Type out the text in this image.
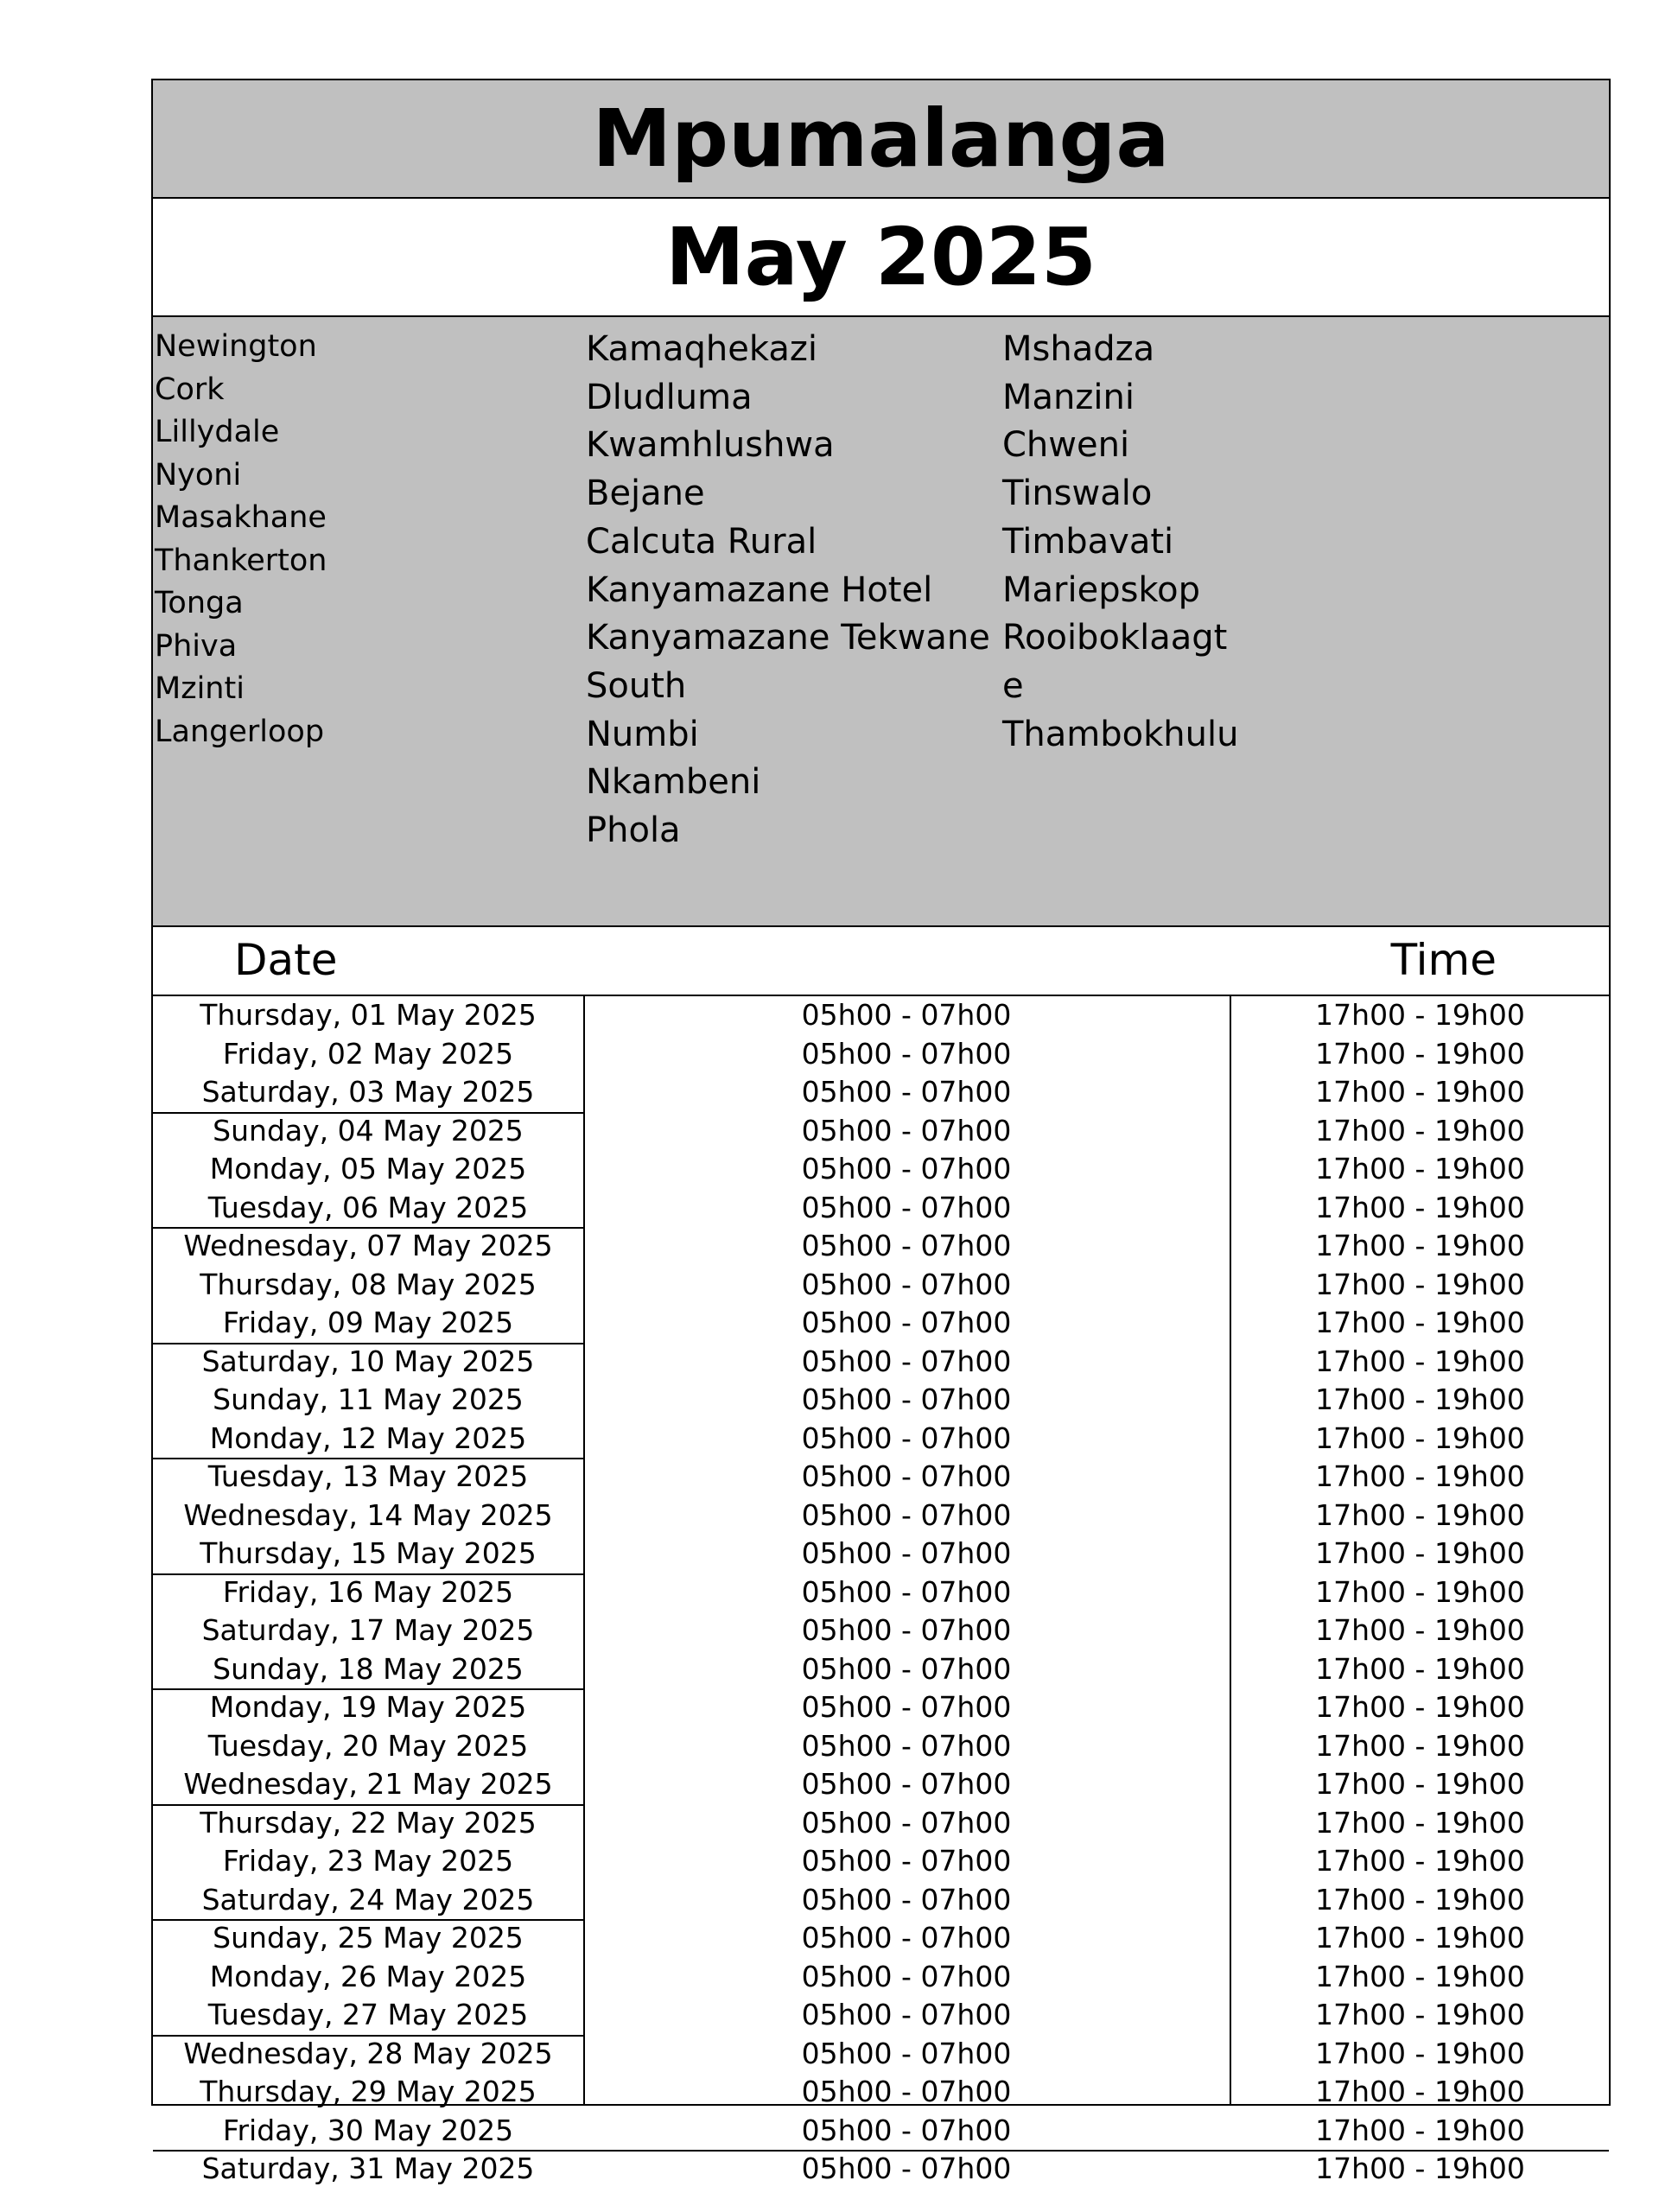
Mpumalanga
May 2025
Newington
Cork
Lillydale
Nyoni
Masakhane
Thankerton
Tonga
Phiva
Mzinti
Langerloop
Kamaqhekazi
Dludluma
Kwamhlushwa
Bejane
Calcuta Rural
Kanyamazane Hotel
Kanyamazane Tekwane
South
Numbi
Nkambeni
Phola
Mshadza
Manzini
Chweni
Tinswalo
Timbavati
Mariepskop
Rooiboklaagt
e
Thambokhulu
Date	Time
Thursday, 01 May 2025	05h00 - 07h00	17h00 - 19h00
Friday, 02 May 2025	05h00 - 07h00	17h00 - 19h00
Saturday, 03 May 2025	05h00 - 07h00	17h00 - 19h00
Sunday, 04 May 2025	05h00 - 07h00	17h00 - 19h00
Monday, 05 May 2025	05h00 - 07h00	17h00 - 19h00
Tuesday, 06 May 2025	05h00 - 07h00	17h00 - 19h00
Wednesday, 07 May 2025	05h00 - 07h00	17h00 - 19h00
Thursday, 08 May 2025	05h00 - 07h00	17h00 - 19h00
Friday, 09 May 2025	05h00 - 07h00	17h00 - 19h00
Saturday, 10 May 2025	05h00 - 07h00	17h00 - 19h00
Sunday, 11 May 2025	05h00 - 07h00	17h00 - 19h00
Monday, 12 May 2025	05h00 - 07h00	17h00 - 19h00
Tuesday, 13 May 2025	05h00 - 07h00	17h00 - 19h00
Wednesday, 14 May 2025	05h00 - 07h00	17h00 - 19h00
Thursday, 15 May 2025	05h00 - 07h00	17h00 - 19h00
Friday, 16 May 2025	05h00 - 07h00	17h00 - 19h00
Saturday, 17 May 2025	05h00 - 07h00	17h00 - 19h00
Sunday, 18 May 2025	05h00 - 07h00	17h00 - 19h00
Monday, 19 May 2025	05h00 - 07h00	17h00 - 19h00
Tuesday, 20 May 2025	05h00 - 07h00	17h00 - 19h00
Wednesday, 21 May 2025	05h00 - 07h00	17h00 - 19h00
Thursday, 22 May 2025	05h00 - 07h00	17h00 - 19h00
Friday, 23 May 2025	05h00 - 07h00	17h00 - 19h00
Saturday, 24 May 2025	05h00 - 07h00	17h00 - 19h00
Sunday, 25 May 2025	05h00 - 07h00	17h00 - 19h00
Monday, 26 May 2025	05h00 - 07h00	17h00 - 19h00
Tuesday, 27 May 2025	05h00 - 07h00	17h00 - 19h00
Wednesday, 28 May 2025	05h00 - 07h00	17h00 - 19h00
Thursday, 29 May 2025	05h00 - 07h00	17h00 - 19h00
Friday, 30 May 2025	05h00 - 07h00	17h00 - 19h00
Saturday, 31 May 2025	05h00 - 07h00	17h00 - 19h00
